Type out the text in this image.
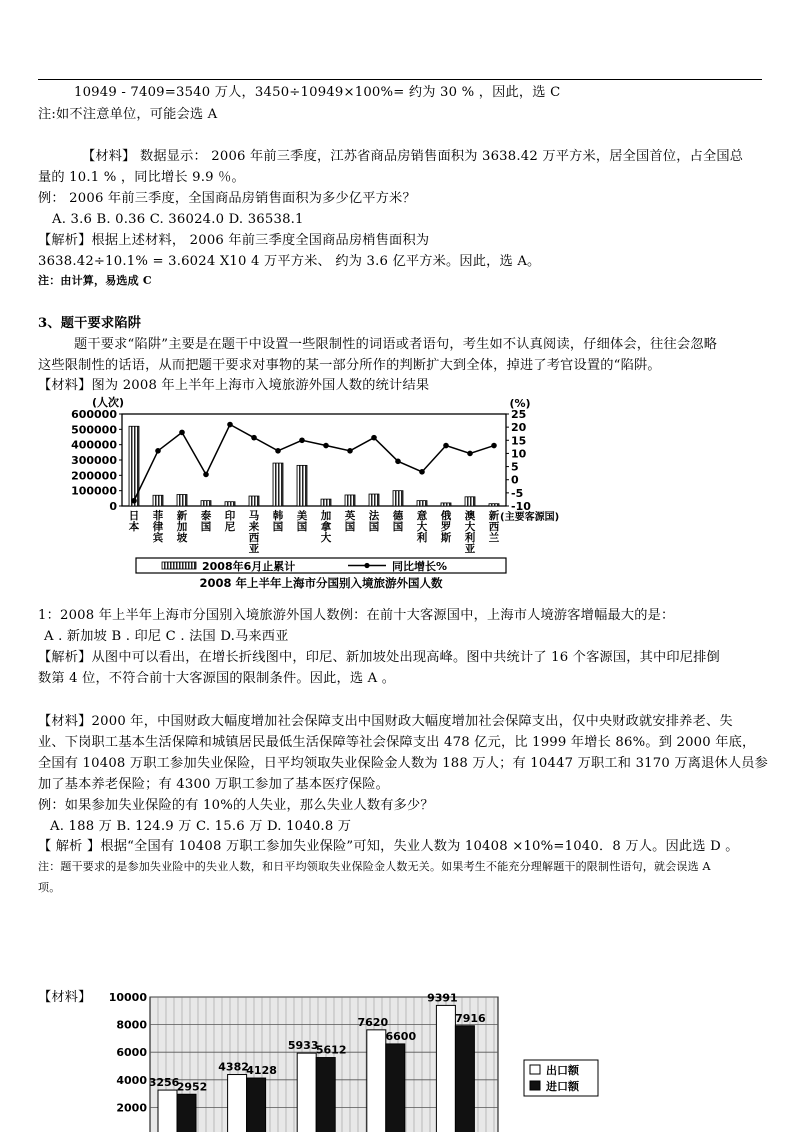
10949 - 7409=3540 万人，3450÷10949×100%= 约为 30 % ，因此，选 C
注:如不注意单位，可能会选 A
【材料】 数据显示： 2006 年前三季度，江苏省商品房销售面积为 3638.42 万平方米，居全国首位，占全国总
量的 10.1 % ，同比增长 9.9 ％。
例： 2006 年前三季度，全国商品房销售面积为多少亿平方米？
A. 3.6 B. 0.36 C. 36024.0 D. 36538.1
【解析】根据上述材料， 2006 年前三季度全国商品房梢售面积为
3638.42÷10.1% = 3.6024 X10 4 万平方米、 约为 3.6 亿平方米。因此，选 A。
注：由计算，易选成 C
3、题干要求陷阱
题干要求“陷阱”主要是在题干中设置一些限制性的词语或者语句，考生如不认真阅读，仔细体会，往往会忽略
这些限制性的话语，从而把题干要求对事物的某一部分所作的判断扩大到全体，掉进了考官设置的“陷阱。
【材料】图为 2008 年上半年上海市入境旅游外国人数的统计结果
0
100000
200000
300000
400000
500000
600000
-10
-5
0
5
10
15
20
25
(人次)	(%)
2008年6月止累计	同比增长%
2008 年上半年上海市分国别入境旅游外国人数
日
本
菲
律
宾
新
加
坡
泰
国
印
尼
马
来
西
亚
韩
国
美
国
加
拿
大
英
国
法
国
德
国
意
大
利
俄
罗
斯
澳
大
利
亚
新
西
兰
(主要客源国)
1：2008 年上半年上海市分国别入境旅游外国人数例：在前十大客源国中，上海市人境游客增幅最大的是：
A . 新加坡 B . 印尼 C . 法国 D.马来西亚
【解析】从图中可以看出，在增长折线图中，印尼、新加坡处出现高峰。图中共统计了 16 个客源国，其中印尼排倒
数第 4 位，不符合前十大客源国的限制条件。因此，选 A 。
【材料】2000 年，中国财政大幅度增加社会保障支出中国财政大幅度增加社会保障支出，仅中央财政就安排养老、失
业、下岗职工基本生活保障和城镇居民最低生活保障等社会保障支出 478 亿元，比 1999 年增长 86%。到 2000 年底，
全国有 10408 万职工参加失业保险，日平均领取失业保险金人数为 188 万人；有 10447 万职工和 3170 万离退休人员参
加了基本养老保险；有 4300 万职工参加了基本医疗保险。
例：如果参加失业保险的有 10%的人失业，那么失业人数有多少？
A. 188 万 B. 124.9 万 C. 15.6 万 D. 1040.8 万
【 解析 】根据“全国有 10408 万职工参加失业保险”可知，失业人数为 10408 ×10%=1040．8 万人。因此选 D 。
注：题干要求的是参加失业险中的失业人数，和日平均领取失业保险金人数无关。如果考生不能充分理解题干的限制性语句，就会误选 A
项。
【材料】
2000
4000
6000
8000
10000
出口额
进口额
3256
2952
4382
4128
5933
5612
7620
6600
9391
7916
